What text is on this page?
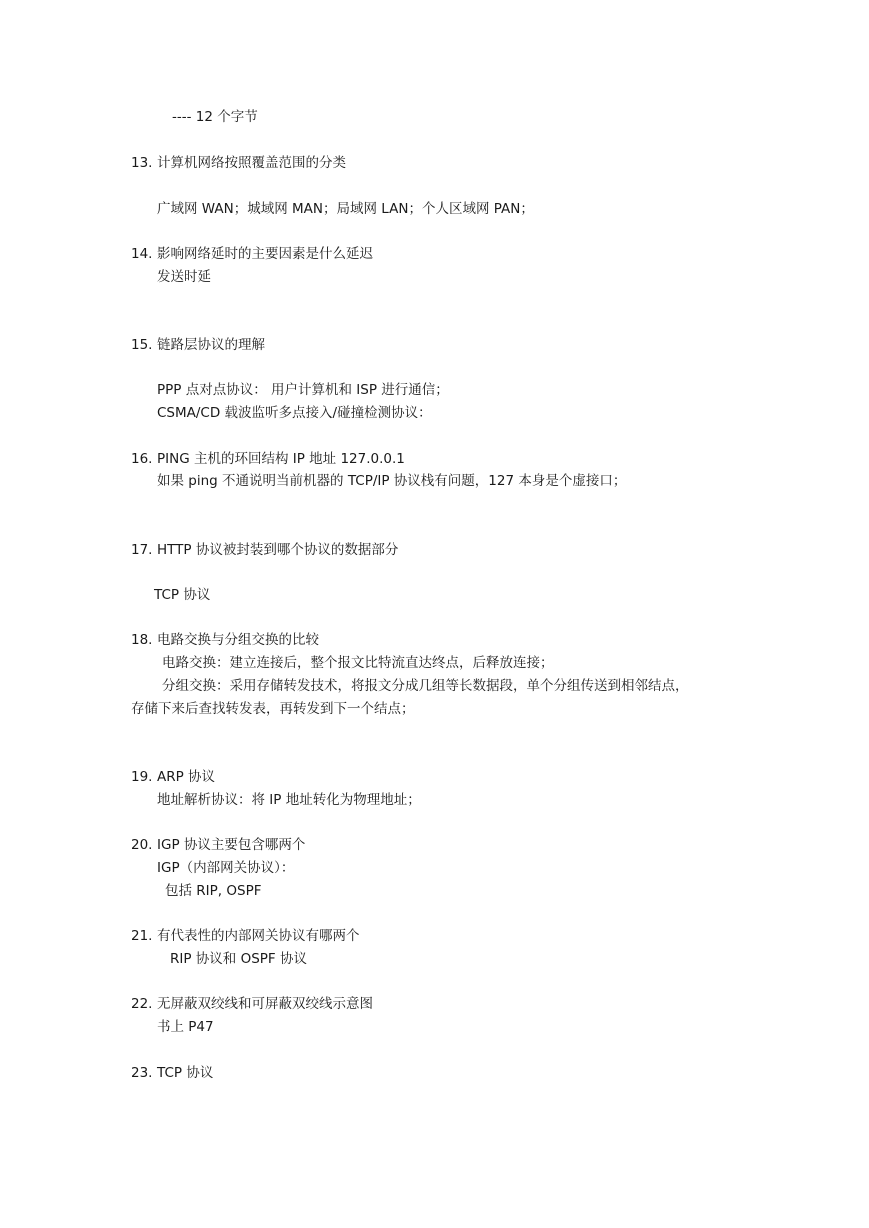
---- 12 个字节
13. 计算机网络按照覆盖范围的分类
广域网 WAN；城域网 MAN；局域网 LAN；个人区域网 PAN；
14. 影响网络延时的主要因素是什么延迟
发送时延
15. 链路层协议的理解
PPP 点对点协议： 用户计算机和 ISP 进行通信；
CSMA/CD 载波监听多点接入/碰撞检测协议：
16. PING 主机的环回结构 IP 地址 127.0.0.1
如果 ping 不通说明当前机器的 TCP/IP 协议栈有问题，127 本身是个虚接口；
17. HTTP 协议被封装到哪个协议的数据部分
TCP 协议
18. 电路交换与分组交换的比较
电路交换：建立连接后，整个报文比特流直达终点，后释放连接；
分组交换：采用存储转发技术，将报文分成几组等长数据段，单个分组传送到相邻结点，
存储下来后查找转发表，再转发到下一个结点；
19. ARP 协议
地址解析协议：将 IP 地址转化为物理地址；
20. IGP 协议主要包含哪两个
IGP（内部网关协议）：
包括 RIP, OSPF
21. 有代表性的内部网关协议有哪两个
RIP 协议和 OSPF 协议
22. 无屏蔽双绞线和可屏蔽双绞线示意图
书上 P47
23. TCP 协议
